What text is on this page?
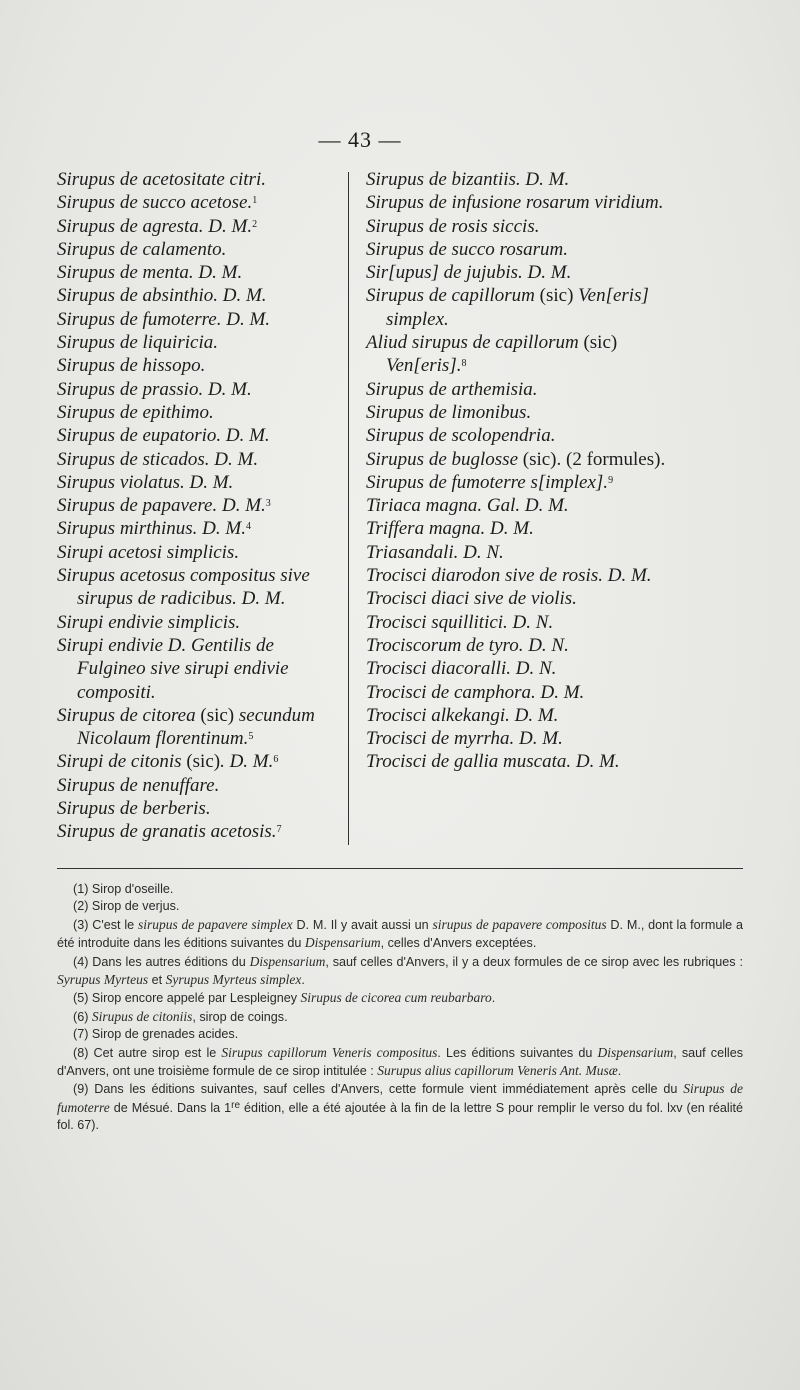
— 43 —

Sirupus de acetositate citri.

Sirupus de succo acetose.$^1$

Sirupus de agresta. D. M.$^2$

Sirupus de calamento.

Sirupus de menta. D. M.

Sirupus de absinthio. D. M.

Sirupus de fumoterre. D. M.

Sirupus de liquiricia.

Sirupus de hissopo.

Sirupus de prassio. D. M.

Sirupus de epithimo.

Sirupus de eupatorio. D. M.

Sirupus de sticados. D. M.

Sirupus violatus. D. M.

Sirupus de papavere. D. M.$^3$

Sirupus mirthinus. D. M.$^4$

Sirupi acetosi simplicis.

Sirupus acetosus compositus sive sirupus de radicibus. D. M.

Sirupi endivie simplicis.

Sirupi endivie D. Gentilis de Fulgineo sive sirupi endivie compositi.

Sirupus de citorea (sic) secundum Nicolaum florentinum.$^5$

Sirupi de citonis (sic). D. M.$^6$

Sirupus de nenuffare.

Sirupus de berberis.

Sirupus de granatis acetosis.$^7$

Sirupus de bizantiis. D. M.

Sirupus de infusione rosarum viridium.

Sirupus de rosis siccis.

Sirupus de succo rosarum.

Sir[upus] de jujubis. D. M.

Sirupus de capillorum (sic) Ven[eris] simplex.

Aliud sirupus de capillorum (sic) Ven[eris].$^8$

Sirupus de arthemisia.

Sirupus de limonibus.

Sirupus de scolopendria.

Sirupus de buglosse (sic). (2 formules).

Sirupus de fumoterre s[implex].$^9$

Tiriaca magna. Gal. D. M.

Triffera magna. D. M.

Triasandali. D. N.

Trocisci diarodon sive de rosis. D. M.

Trocisci diaci sive de violis.

Trocisci squillitici. D. N.

Trociscorum de tyro. D. N.

Trocisci diacoralli. D. N.

Trocisci de camphora. D. M.

Trocisci alkekangi. D. M.

Trocisci de myrrha. D. M.

Trocisci de gallia muscata. D. M.

(1) Sirop d'oseille.

(2) Sirop de verjus.

(3) C'est le sirupus de papavere simplex D. M. Il y avait aussi un sirupus de papavere compositus D. M., dont la formule a été introduite dans les éditions suivantes du Dispensarium, celles d'Anvers exceptées.

(4) Dans les autres éditions du Dispensarium, sauf celles d'Anvers, il y a deux formules de ce sirop avec les rubriques : Syrupus Myrteus et Syrupus Myrteus simplex.

(5) Sirop encore appelé par Lespleigney Sirupus de cicorea cum reubarbaro.

(6) Sirupus de citoniis, sirop de coings.

(7) Sirop de grenades acides.

(8) Cet autre sirop est le Sirupus capillorum Veneris compositus. Les éditions suivantes du Dispensarium, sauf celles d'Anvers, ont une troisième formule de ce sirop intitulée : Surupus alius capillorum Veneris Ant. Musæ.

(9) Dans les éditions suivantes, sauf celles d'Anvers, cette formule vient immédiatement après celle du Sirupus de fumoterre de Mésué. Dans la 1re édition, elle a été ajoutée à la fin de la lettre S pour remplir le verso du fol. lxv (en réalité fol. 67).
